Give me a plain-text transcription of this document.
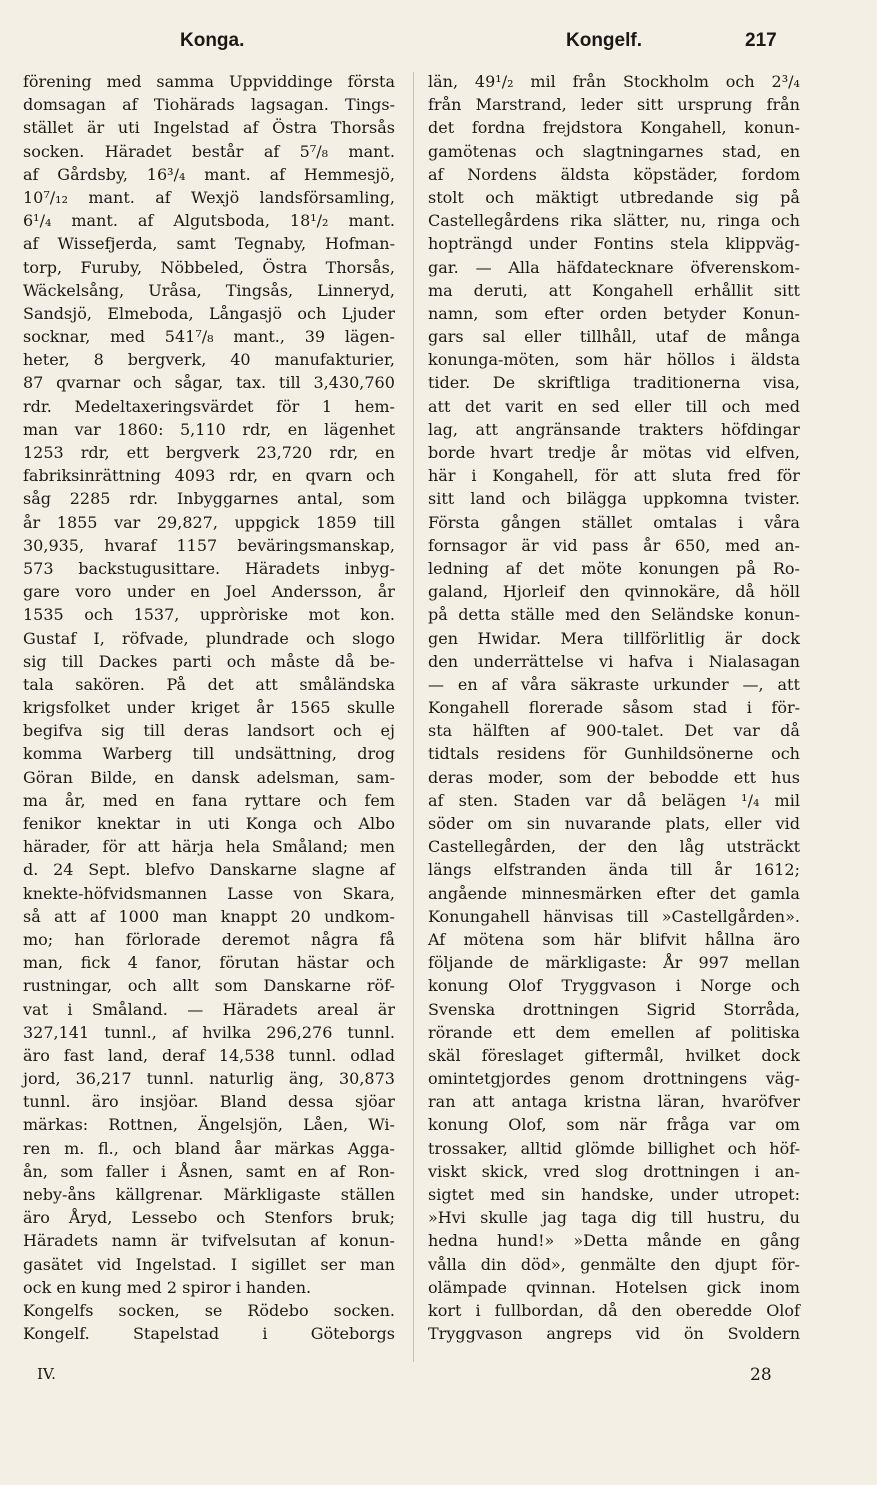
Konga.	Kongelf.	217
förening med samma Uppviddinge första
domsagan af Tiohärads lagsagan. Tings-
stället är uti Ingelstad af Östra Thorsås
socken. Häradet består af 5⁷/₈ mant.
af Gårdsby, 16³/₄ mant. af Hemmesjö,
10⁷/₁₂ mant. af Wexjö landsförsamling,
6¹/₄ mant. af Algutsboda, 18¹/₂ mant.
af Wissefjerda, samt Tegnaby, Hofman-
torp, Furuby, Nöbbeled, Östra Thorsås,
Wäckelsång, Uråsa, Tingsås, Linneryd,
Sandsjö, Elmeboda, Långasjö och Ljuder
socknar, med 541⁷/₈ mant., 39 lägen-
heter, 8 bergverk, 40 manufakturier,
87 qvarnar och sågar, tax. till 3,430,760
rdr. Medeltaxeringsvärdet för 1 hem-
man var 1860: 5,110 rdr, en lägenhet
1253 rdr, ett bergverk 23,720 rdr, en
fabriksinrättning 4093 rdr, en qvarn och
såg 2285 rdr. Inbyggarnes antal, som
år 1855 var 29,827, uppgick 1859 till
30,935, hvaraf 1157 beväringsmanskap,
573 backstugusittare. Häradets inbyg-
gare voro under en Joel Andersson, år
1535 och 1537, uppròriske mot kon.
Gustaf I, röfvade, plundrade och slogo
sig till Dackes parti och måste då be-
tala sakören. På det att småländska
krigsfolket under kriget år 1565 skulle
begifva sig till deras landsort och ej
komma Warberg till undsättning, drog
Göran Bilde, en dansk adelsman, sam-
ma år, med en fana ryttare och fem
fenikor knektar in uti Konga och Albo
härader, för att härja hela Småland; men
d. 24 Sept. blefvo Danskarne slagne af
knekte-höfvidsmannen Lasse von Skara,
så att af 1000 man knappt 20 undkom-
mo; han förlorade deremot några få
man, fick 4 fanor, förutan hästar och
rustningar, och allt som Danskarne röf-
vat i Småland. — Häradets areal är
327,141 tunnl., af hvilka 296,276 tunnl.
äro fast land, deraf 14,538 tunnl. odlad
jord, 36,217 tunnl. naturlig äng, 30,873
tunnl. äro insjöar. Bland dessa sjöar
märkas: Rottnen, Ängelsjön, Låen, Wi-
ren m. fl., och bland åar märkas Agga-
ån, som faller i Åsnen, samt en af Ron-
neby-åns källgrenar. Märkligaste ställen
äro Åryd, Lessebo och Stenfors bruk;
Häradets namn är tvifvelsutan af konun-
gasätet vid Ingelstad. I sigillet ser man
ock en kung med 2 spiror i handen.
Kongelfs socken, se Rödebo socken.
Kongelf.	Stapelstad	i	Göteborgs
län, 49¹/₂ mil från Stockholm och 2³/₄
från Marstrand, leder sitt ursprung från
det fordna frejdstora Kongahell, konun-
gamötenas och slagtningarnes stad, en
af Nordens äldsta köpstäder, fordom
stolt och mäktigt utbredande sig på
Castellegårdens rika slätter, nu, ringa och
hopträngd under Fontins stela klippväg-
gar. — Alla häfdatecknare öfverenskom-
ma deruti, att Kongahell erhållit sitt
namn, som efter orden betyder Konun-
gars sal eller tillhåll, utaf de många
konunga-möten, som här höllos i äldsta
tider. De skriftliga traditionerna visa,
att det varit en sed eller till och med
lag, att angränsande trakters höfdingar
borde hvart tredje år mötas vid elfven,
här i Kongahell, för att sluta fred för
sitt land och bilägga uppkomna tvister.
Första gången stället omtalas i våra
fornsagor är vid pass år 650, med an-
ledning af det möte konungen på Ro-
galand, Hjorleif den qvinnokäre, då höll
på detta ställe med den Seländske konun-
gen Hwidar. Mera tillförlitlig är dock
den underrättelse vi hafva i Nialasagan
— en af våra säkraste urkunder —, att
Kongahell florerade såsom stad i för-
sta hälften af 900-talet. Det var då
tidtals residens för Gunhildsönerne och
deras moder, som der bebodde ett hus
af sten. Staden var då belägen ¹/₄ mil
söder om sin nuvarande plats, eller vid
Castellegården, der den låg utsträckt
längs elfstranden ända till år 1612;
angående minnesmärken efter det gamla
Konungahell hänvisas till »Castellgården».
Af mötena som här blifvit hållna äro
följande de märkligaste: År 997 mellan
konung Olof Tryggvason i Norge och
Svenska drottningen Sigrid Storråda,
rörande ett dem emellen af politiska
skäl föreslaget giftermål, hvilket dock
omintetgjordes genom drottningens väg-
ran att antaga kristna läran, hvaröfver
konung Olof, som när fråga var om
trossaker, alltid glömde billighet och höf-
viskt skick, vred slog drottningen i an-
sigtet med sin handske, under utropet:
»Hvi skulle jag taga dig till hustru, du
hedna hund!» »Detta månde en gång
vålla din död», genmälte den djupt för-
olämpade qvinnan. Hotelsen gick inom
kort i fullbordan, då den oberedde Olof
Tryggvason angreps vid ön Svoldern
IV.	28
